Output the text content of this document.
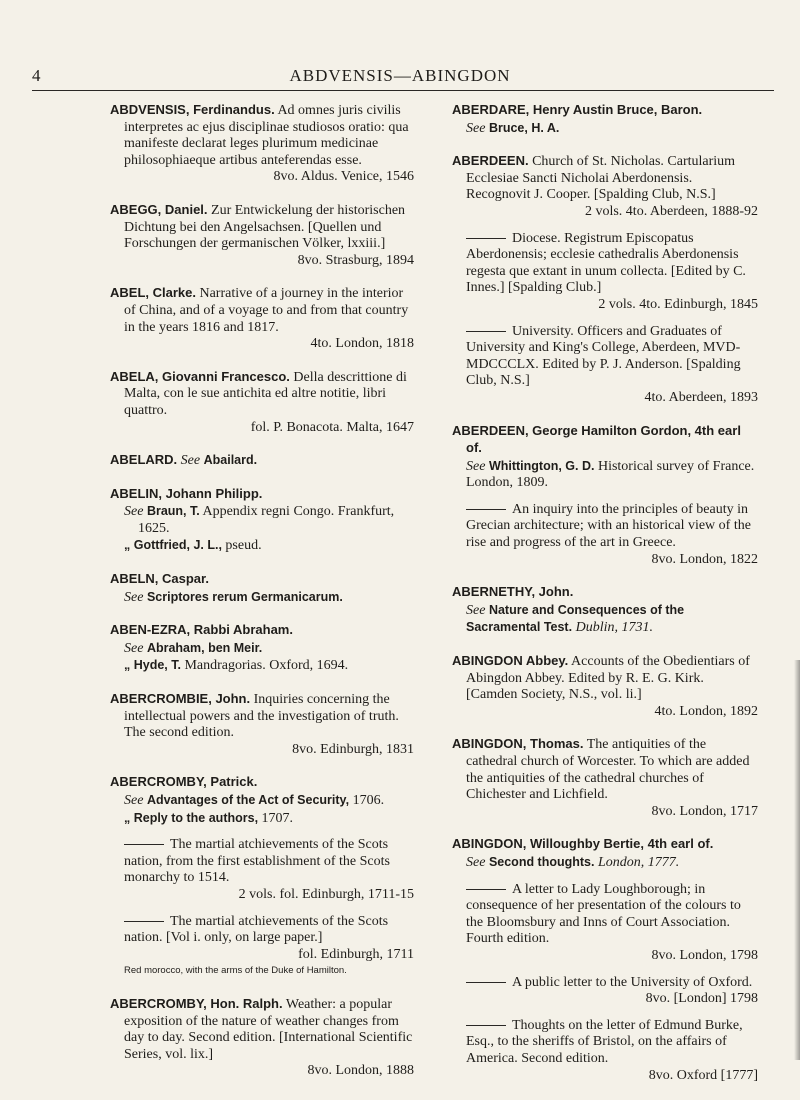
4	ABDVENSIS—ABINGDON

ABDVENSIS, Ferdinandus. Ad omnes juris civilis interpretes ac ejus disciplinae studiosos oratio: qua manifeste declarat leges plurimum medicinae philosophiaeque artibus anteferendas esse.

8vo. Aldus. Venice, 1546

ABEGG, Daniel. Zur Entwickelung der historischen Dichtung bei den Angelsachsen. [Quellen und Forschungen der germanischen Völker, lxxiii.]

8vo. Strasburg, 1894

ABEL, Clarke. Narrative of a journey in the interior of China, and of a voyage to and from that country in the years 1816 and 1817.

4to. London, 1818

ABELA, Giovanni Francesco. Della descrittione di Malta, con le sue antichita ed altre notitie, libri quattro.

fol. P. Bonacota. Malta, 1647

ABELARD. See Abailard.

ABELIN, Johann Philipp.

See Braun, T. Appendix regni Congo. Frankfurt, 1625.

„ Gottfried, J. L., pseud.

ABELN, Caspar.

See Scriptores rerum Germanicarum.

ABEN-EZRA, Rabbi Abraham.

See Abraham, ben Meir.

„ Hyde, T. Mandragorias. Oxford, 1694.

ABERCROMBIE, John. Inquiries concerning the intellectual powers and the investigation of truth. The second edition.

8vo. Edinburgh, 1831

ABERCROMBY, Patrick.

See Advantages of the Act of Security, 1706.

„ Reply to the authors, 1707.

The martial atchievements of the Scots nation, from the first establishment of the Scots monarchy to 1514.

2 vols. fol. Edinburgh, 1711-15

The martial atchievements of the Scots nation. [Vol i. only, on large paper.]

fol. Edinburgh, 1711

Red morocco, with the arms of the Duke of Hamilton.

ABERCROMBY, Hon. Ralph. Weather: a popular exposition of the nature of weather changes from day to day. Second edition. [International Scientific Series, vol. lix.]

8vo. London, 1888

ABERDARE, Henry Austin Bruce, Baron.

See Bruce, H. A.

ABERDEEN. Church of St. Nicholas. Cartularium Ecclesiae Sancti Nicholai Aberdonensis. Recognovit J. Cooper. [Spalding Club, N.S.]

2 vols. 4to. Aberdeen, 1888-92

Diocese. Registrum Episcopatus Aberdonensis; ecclesie cathedralis Aberdonensis regesta que extant in unum collecta. [Edited by C. Innes.] [Spalding Club.]

2 vols. 4to. Edinburgh, 1845

University. Officers and Graduates of University and King's College, Aberdeen, MVD-MDCCCLX. Edited by P. J. Anderson. [Spalding Club, N.S.]

4to. Aberdeen, 1893

ABERDEEN, George Hamilton Gordon, 4th earl of.

See Whittington, G. D. Historical survey of France. London, 1809.

An inquiry into the principles of beauty in Grecian architecture; with an historical view of the rise and progress of the art in Greece.

8vo. London, 1822

ABERNETHY, John.

See Nature and Consequences of the Sacramental Test. Dublin, 1731.

ABINGDON Abbey. Accounts of the Obedientiars of Abingdon Abbey. Edited by R. E. G. Kirk. [Camden Society, N.S., vol. li.]

4to. London, 1892

ABINGDON, Thomas. The antiquities of the cathedral church of Worcester. To which are added the antiquities of the cathedral churches of Chichester and Lichfield.

8vo. London, 1717

ABINGDON, Willoughby Bertie, 4th earl of.

See Second thoughts. London, 1777.

A letter to Lady Loughborough; in consequence of her presentation of the colours to the Bloomsbury and Inns of Court Association. Fourth edition.

8vo. London, 1798

A public letter to the University of Oxford.

8vo. [London] 1798

Thoughts on the letter of Edmund Burke, Esq., to the sheriffs of Bristol, on the affairs of America. Second edition.

8vo. Oxford [1777]
